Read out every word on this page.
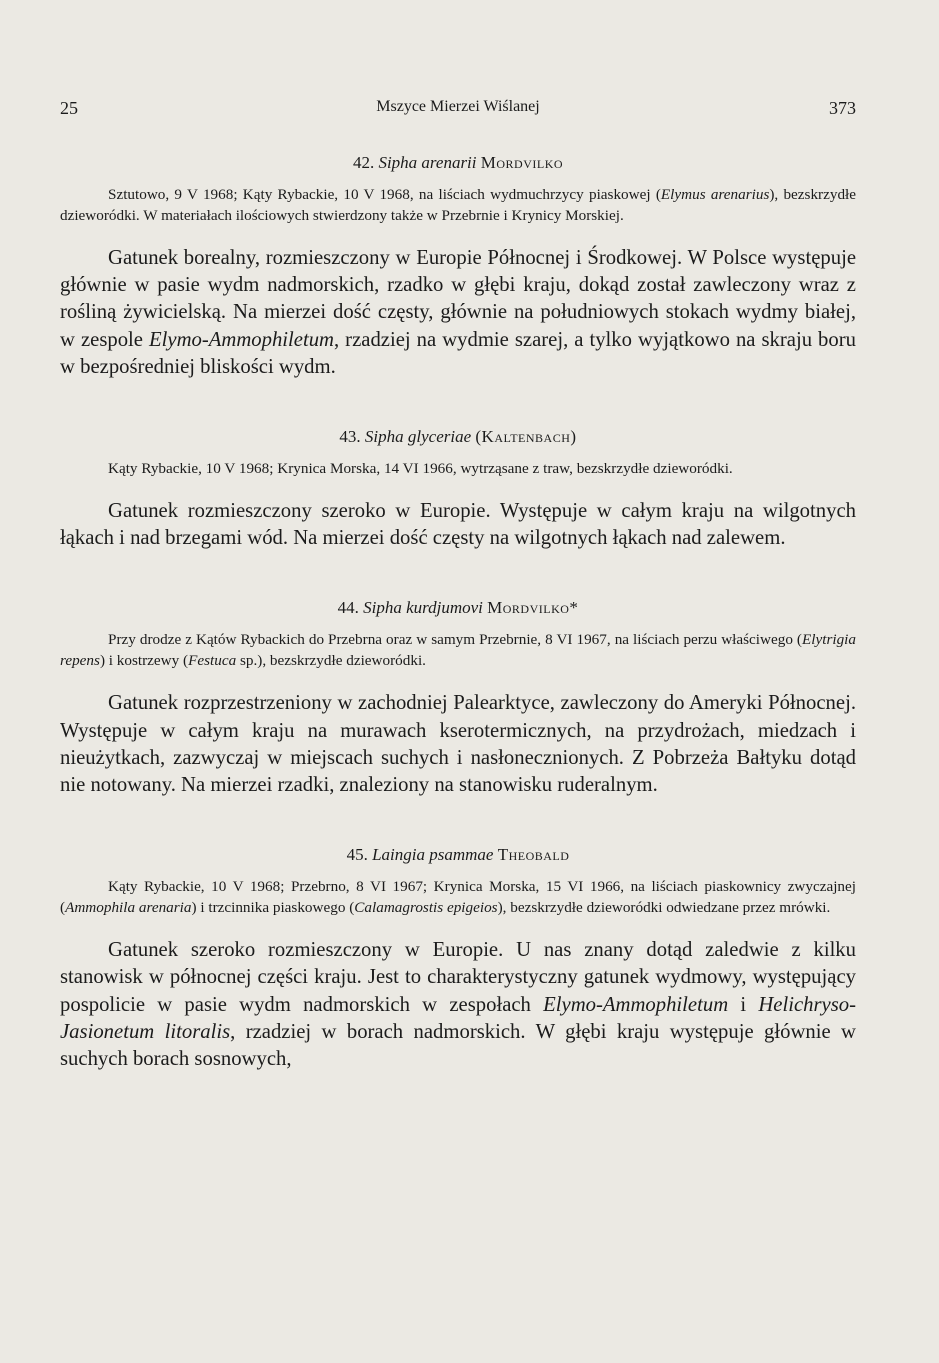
25	Mszyce Mierzei Wiślanej	373
42. Sipha arenarii Mordvilko

Sztutowo, 9 V 1968; Kąty Rybackie, 10 V 1968, na liściach wydmuchrzycy piaskowej (Elymus arenarius), bezskrzydłe dzieworódki. W materiałach ilościowych stwierdzony także w Przebrnie i Krynicy Morskiej.

Gatunek borealny, rozmieszczony w Europie Północnej i Środkowej. W Polsce występuje głównie w pasie wydm nadmorskich, rzadko w głębi kraju, dokąd został zawleczony wraz z rośliną żywicielską. Na mierzei dość częsty, głównie na południowych stokach wydmy białej, w zespole Elymo-Ammophiletum, rzadziej na wydmie szarej, a tylko wyjątkowo na skraju boru w bezpośredniej bliskości wydm.

43. Sipha glyceriae (Kaltenbach)

Kąty Rybackie, 10 V 1968; Krynica Morska, 14 VI 1966, wytrząsane z traw, bezskrzydłe dzieworódki.

Gatunek rozmieszczony szeroko w Europie. Występuje w całym kraju na wilgotnych łąkach i nad brzegami wód. Na mierzei dość częsty na wilgotnych łąkach nad zalewem.

44. Sipha kurdjumovi Mordvilko*

Przy drodze z Kątów Rybackich do Przebrna oraz w samym Przebrnie, 8 VI 1967, na liściach perzu właściwego (Elytrigia repens) i kostrzewy (Festuca sp.), bezskrzydłe dzieworódki.

Gatunek rozprzestrzeniony w zachodniej Palearktyce, zawleczony do Ameryki Północnej. Występuje w całym kraju na murawach kserotermicznych, na przydrożach, miedzach i nieużytkach, zazwyczaj w miejscach suchych i nasłonecznionych. Z Pobrzeża Bałtyku dotąd nie notowany. Na mierzei rzadki, znaleziony na stanowisku ruderalnym.

45. Laingia psammae Theobald

Kąty Rybackie, 10 V 1968; Przebrno, 8 VI 1967; Krynica Morska, 15 VI 1966, na liściach piaskownicy zwyczajnej (Ammophila arenaria) i trzcinnika piaskowego (Calamagrostis epigeios), bezskrzydłe dzieworódki odwiedzane przez mrówki.

Gatunek szeroko rozmieszczony w Europie. U nas znany dotąd zaledwie z kilku stanowisk w północnej części kraju. Jest to charakterystyczny gatunek wydmowy, występujący pospolicie w pasie wydm nadmorskich w zespołach Elymo-Ammophiletum i Helichryso-Jasionetum litoralis, rzadziej w borach nadmorskich. W głębi kraju występuje głównie w suchych borach sosnowych,
